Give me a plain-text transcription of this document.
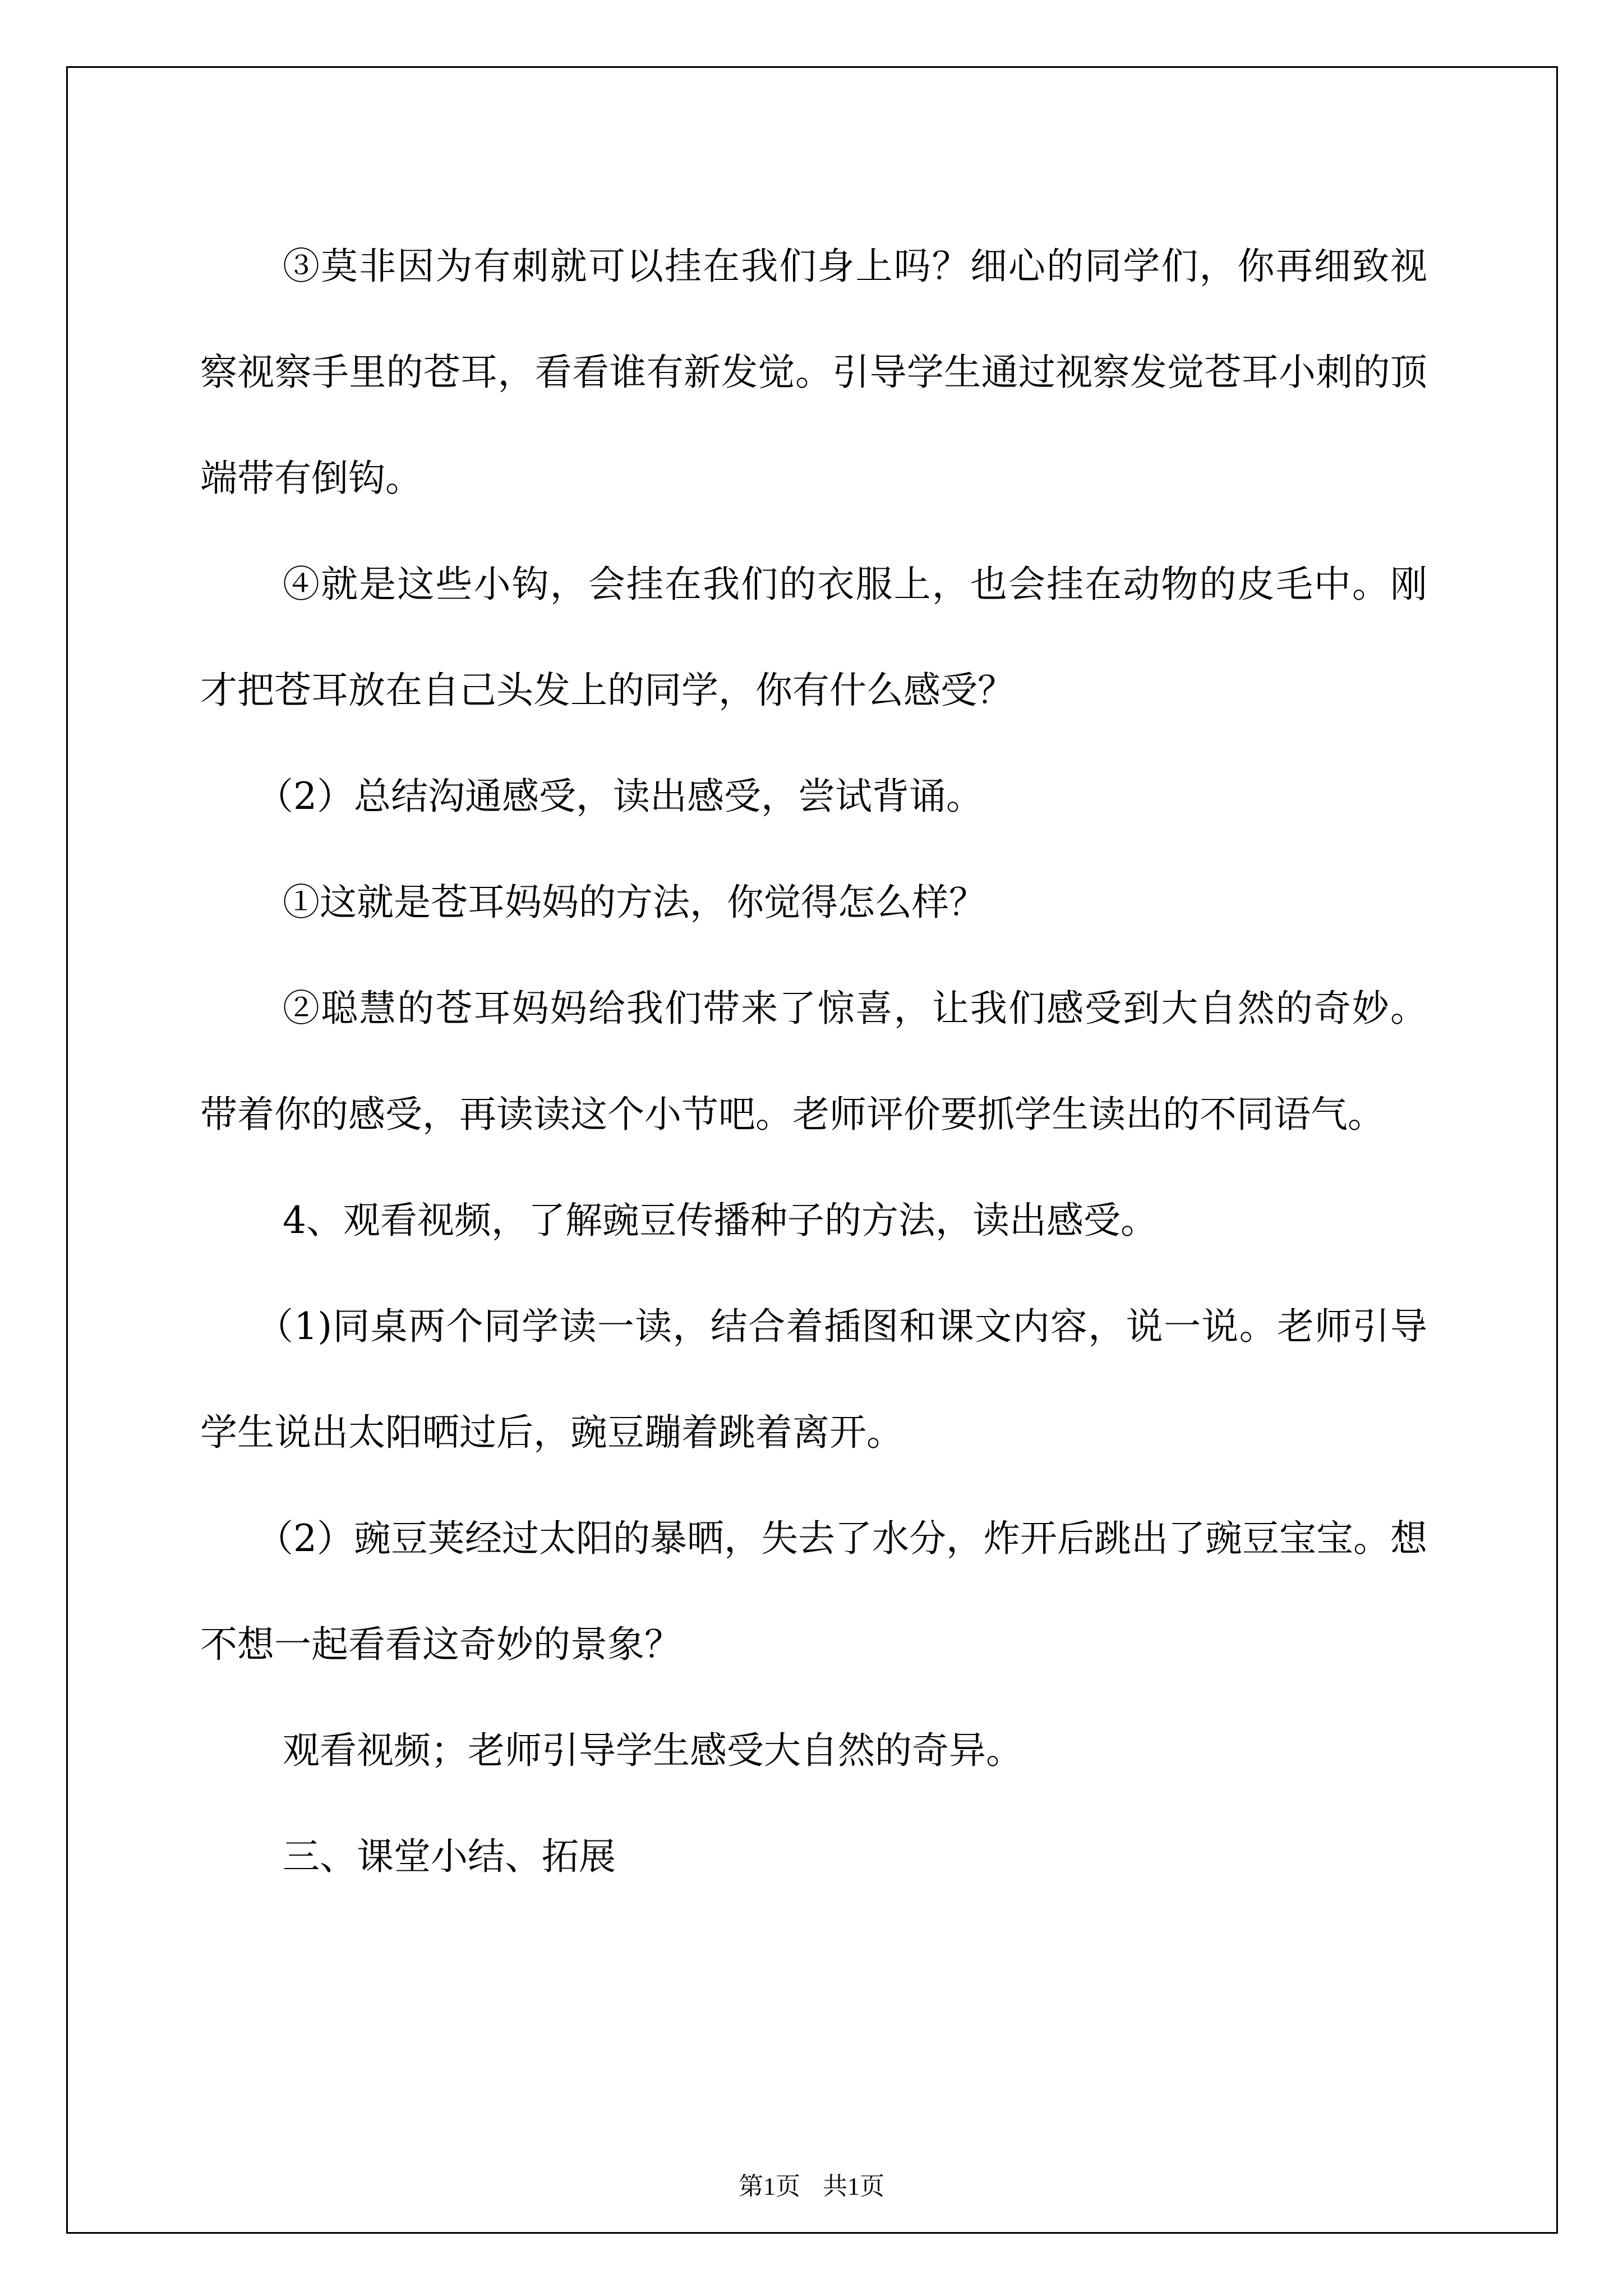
③莫非因为有刺就可以挂在我们身上吗？细心的同学们，你再细致视察视察手里的苍耳，看看谁有新发觉。引导学生通过视察发觉苍耳小刺的顶端带有倒钩。

④就是这些小钩，会挂在我们的衣服上，也会挂在动物的皮毛中。刚才把苍耳放在自己头发上的同学，你有什么感受？

（2）总结沟通感受，读出感受，尝试背诵。

①这就是苍耳妈妈的方法，你觉得怎么样？

②聪慧的苍耳妈妈给我们带来了惊喜，让我们感受到大自然的奇妙。带着你的感受，再读读这个小节吧。老师评价要抓学生读出的不同语气。

4、观看视频，了解豌豆传播种子的方法，读出感受。

（1)同桌两个同学读一读，结合着插图和课文内容，说一说。老师引导学生说出太阳晒过后，豌豆蹦着跳着离开。

（2）豌豆荚经过太阳的暴晒，失去了水分，炸开后跳出了豌豆宝宝。想不想一起看看这奇妙的景象？

观看视频；老师引导学生感受大自然的奇异。

三、课堂小结、拓展

第1页 共1页
